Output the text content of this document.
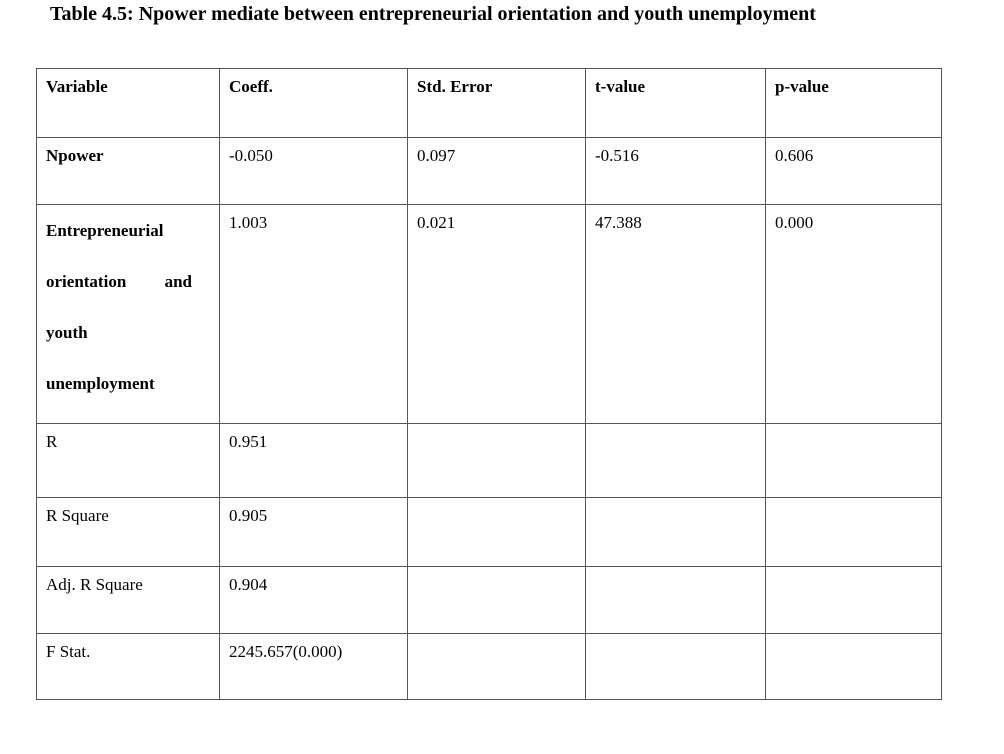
Table 4.5: Npower mediate between entrepreneurial orientation and youth unemployment
Variable	Coeff.	Std. Error	t-value	p-value
Npower	-0.050	0.097	-0.516	0.606

Entrepreneurial orientation and youth unemployment	1.003	0.021	47.388	0.000
R	0.951			
R Square	0.905			
Adj. R Square	0.904			
F Stat.	2245.657(0.000)			
